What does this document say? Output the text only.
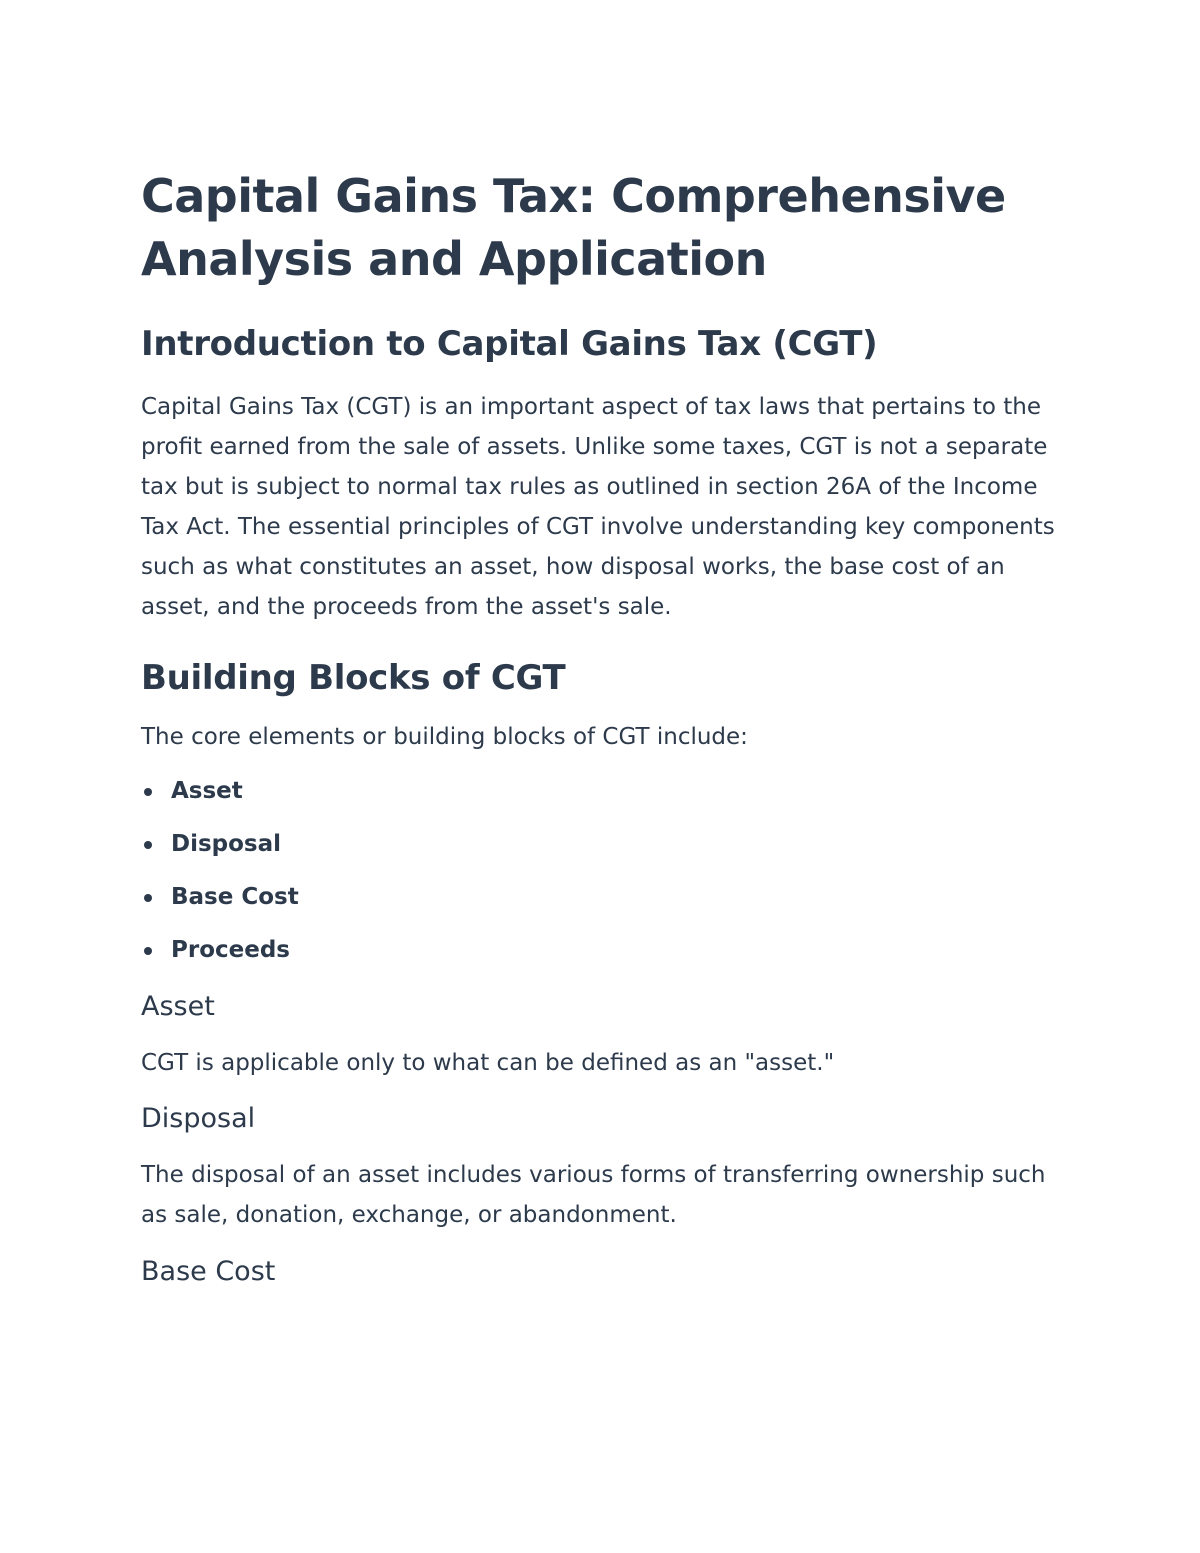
Capital Gains Tax: Comprehensive Analysis and Application
Introduction to Capital Gains Tax (CGT)

Capital Gains Tax (CGT) is an important aspect of tax laws that pertains to the profit earned from the sale of assets. Unlike some taxes, CGT is not a separate tax but is subject to normal tax rules as outlined in section 26A of the Income Tax Act. The essential principles of CGT involve understanding key components such as what constitutes an asset, how disposal works, the base cost of an asset, and the proceeds from the asset's sale.

Building Blocks of CGT

The core elements or building blocks of CGT include:

Asset
Disposal
Base Cost
Proceeds
Asset

CGT is applicable only to what can be defined as an "asset."

Disposal

The disposal of an asset includes various forms of transferring ownership such as sale, donation, exchange, or abandonment.

Base Cost
